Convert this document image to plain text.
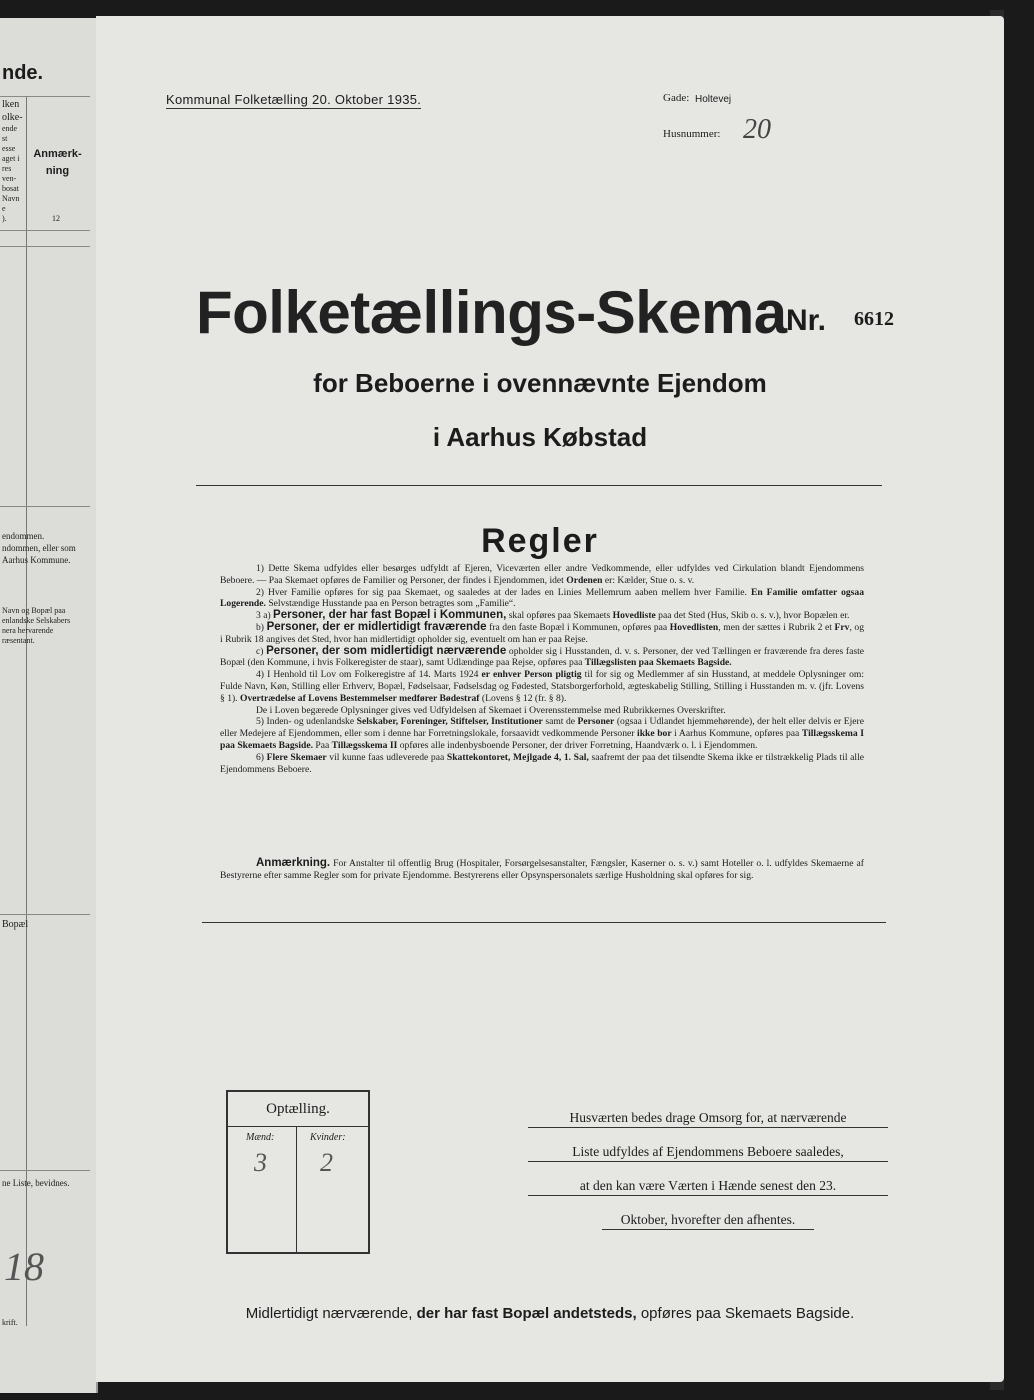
nde.
lken
olke-
ende
st
esse
aget i
res
ven-
bosat
Navn
e
).
Anmærk-
ning
12
endommen.
ndommen, eller som
Aarhus Kommune.
Navn og Bopæl paa
enlandske Selskabers
nera hervarende
ræsentant.
Bopæl
ne Liste, bevidnes.
18
krift.
Kommunal Folketælling 20. Oktober 1935.	Gade: Holtevej
Husnummer: 20
Folketællings-Skema Nr. 6612
for Beboerne i ovennævnte Ejendom
i Aarhus Købstad
Regler

1) Dette Skema udfyldes eller besørges udfyldt af Ejeren, Viceværten eller andre Vedkommende, eller udfyldes ved Cirkulation blandt Ejendommens Beboere. — Paa Skemaet opføres de Familier og Personer, der findes i Ejendommen, idet Ordenen er: Kælder, Stue o. s. v.

2) Hver Familie opføres for sig paa Skemaet, og saaledes at der lades en Linies Mellemrum aaben mellem hver Familie. En Familie omfatter ogsaa Logerende. Selvstændige Husstande paa en Person betragtes som „Familie“.

3 a) Personer, der har fast Bopæl i Kommunen, skal opføres paa Skemaets Hovedliste paa det Sted (Hus, Skib o. s. v.), hvor Bopælen er.

b) Personer, der er midlertidigt fraværende fra den faste Bopæl i Kommunen, opføres paa Hovedlisten, men der sættes i Rubrik 2 et Frv, og i Rubrik 18 angives det Sted, hvor han midlertidigt opholder sig, eventuelt om han er paa Rejse.

c) Personer, der som midlertidigt nærværende opholder sig i Husstanden, d. v. s. Personer, der ved Tællingen er fraværende fra deres faste Bopæl (den Kommune, i hvis Folkeregister de staar), samt Udlændinge paa Rejse, opføres paa Tillægslisten paa Skemaets Bagside.

4) I Henhold til Lov om Folkeregistre af 14. Marts 1924 er enhver Person pligtig til for sig og Medlemmer af sin Husstand, at meddele Oplysninger om: Fulde Navn, Køn, Stilling eller Erhverv, Bopæl, Fødselsaar, Fødselsdag og Fødested, Statsborgerforhold, ægteskabelig Stilling, Stilling i Husstanden m. v. (jfr. Lovens § 1). Overtrædelse af Lovens Bestemmelser medfører Bødestraf (Lovens § 12 (fr. § 8).

De i Loven begærede Oplysninger gives ved Udfyldelsen af Skemaet i Overensstemmelse med Rubrikkernes Overskrifter.

5) Inden- og udenlandske Selskaber, Foreninger, Stiftelser, Institutioner samt de Personer (ogsaa i Udlandet hjemmehørende), der helt eller delvis er Ejere eller Medejere af Ejendommen, eller som i denne har Forretningslokale, forsaavidt vedkommende Personer ikke bor i Aarhus Kommune, opføres paa Tillægsskema I paa Skemaets Bagside. Paa Tillægsskema II opføres alle indenbysboende Personer, der driver Forretning, Haandværk o. l. i Ejendommen.

6) Flere Skemaer vil kunne faas udleverede paa Skattekontoret, Mejlgade 4, 1. Sal, saafremt der paa det tilsendte Skema ikke er tilstrækkelig Plads til alle Ejendommens Beboere.

Anmærkning. For Anstalter til offentlig Brug (Hospitaler, Forsørgelsesanstalter, Fængsler, Kaserner o. s. v.) samt Hoteller o. l. udfyldes Skemaerne af Bestyrerne efter samme Regler som for private Ejendomme. Bestyrerens eller Opsynspersonalets særlige Husholdning skal opføres for sig.
Optælling.
Mænd:	Kvinder:
3 2
Husværten bedes drage Omsorg for, at nærværende
Liste udfyldes af Ejendommens Beboere saaledes,
at den kan være Værten i Hænde senest den 23.
Oktober, hvorefter den afhentes.
Midlertidigt nærværende, der har fast Bopæl andetsteds, opføres paa Skemaets Bagside.
